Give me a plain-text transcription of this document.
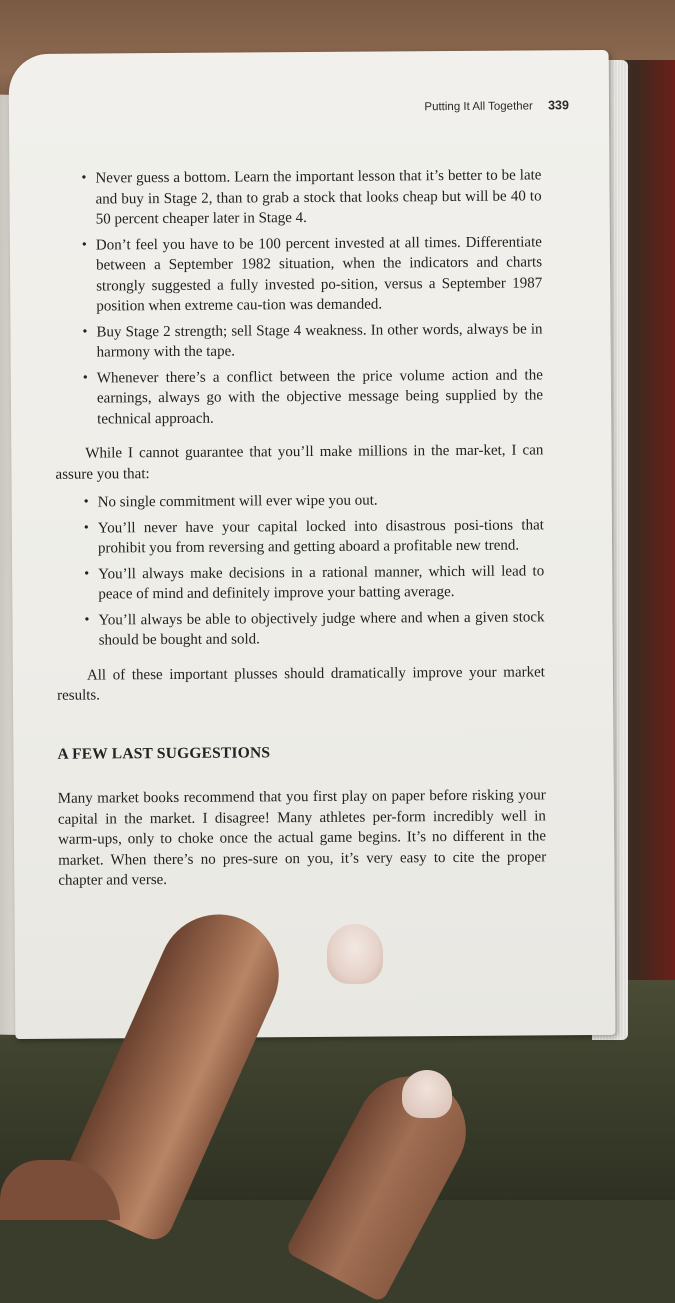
Putting It All Together 339
• Never guess a bottom. Learn the important lesson that it’s better to be late and buy in Stage 2, than to grab a stock that looks cheap but will be 40 to 50 percent cheaper later in Stage 4.
• Don’t feel you have to be 100 percent invested at all times. Differentiate between a September 1982 situation, when the indicators and charts strongly suggested a fully invested po-sition, versus a September 1987 position when extreme cau-tion was demanded.
• Buy Stage 2 strength; sell Stage 4 weakness. In other words, always be in harmony with the tape.
• Whenever there’s a conflict between the price volume action and the earnings, always go with the objective message being supplied by the technical approach.

While I cannot guarantee that you’ll make millions in the mar-ket, I can assure you that:

• No single commitment will ever wipe you out.
• You’ll never have your capital locked into disastrous posi-tions that prohibit you from reversing and getting aboard a profitable new trend.
• You’ll always make decisions in a rational manner, which will lead to peace of mind and definitely improve your batting average.
• You’ll always be able to objectively judge where and when a given stock should be bought and sold.

All of these important plusses should dramatically improve your market results.

A FEW LAST SUGGESTIONS

Many market books recommend that you first play on paper before risking your capital in the market. I disagree! Many athletes per-form incredibly well in warm-ups, only to choke once the actual game begins. It’s no different in the market. When there’s no pres-sure on you, it’s very easy to cite the proper chapter and verse.
